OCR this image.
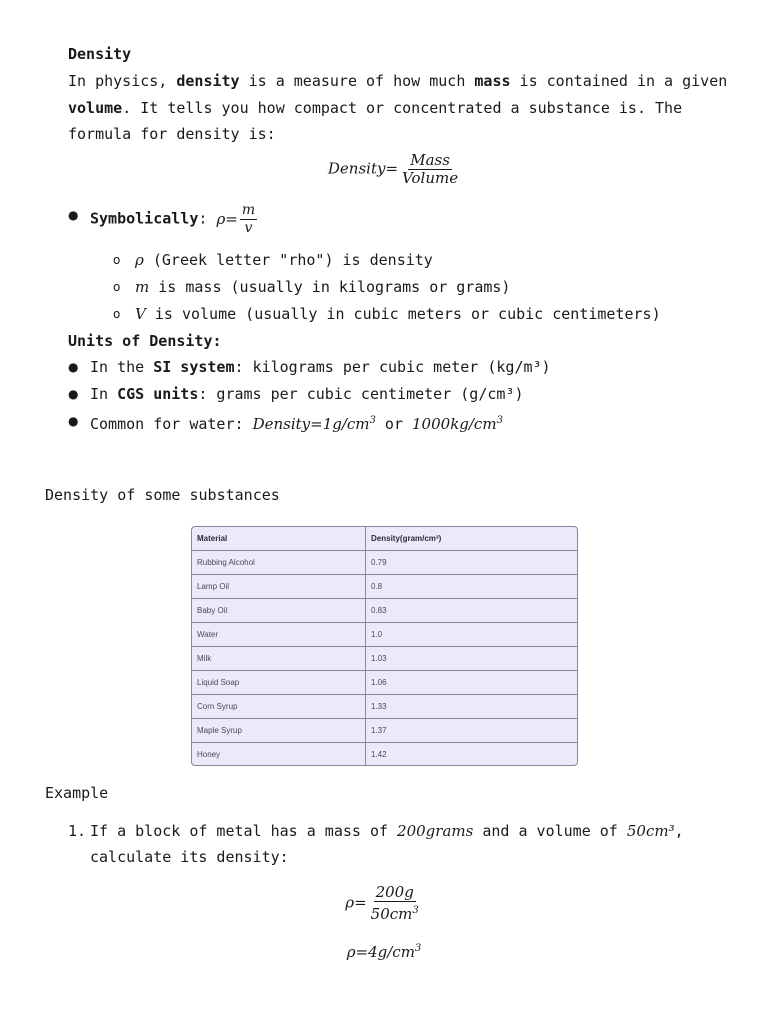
Density
In physics, density is a measure of how much mass is contained in a given volume. It tells you how compact or concentrated a substance is. The formula for density is:
Density= $\frac{\text{Mass}}{\text{Volume}}$
● Symbolically: $\rho= \frac{m}{v}$
o ρ (Greek letter "rho") is density
o m is mass (usually in kilograms or grams)
o V is volume (usually in cubic meters or cubic centimeters)
Units of Density:
● In the SI system: kilograms per cubic meter (kg/m³)
● In CGS units: grams per cubic centimeter (g/cm³)
● Common for water: $Density=1g/cm^3$ or $1000kg/cm^3$
Density of some substances
Material	Density(gram/cm³)
Rubbing Alcohol	0.79
Lamp Oil	0.8
Baby Oil	0.83
Water	1.0
Milk	1.03
Liquid Soap	1.06
Corn Syrup	1.33
Maple Syrup	1.37
Honey	1.42
Example
1. If a block of metal has a mass of 200grams and a volume of 50cm³, calculate its density:
$\rho= \frac{200g}{50cm^3}$
$\rho=4g/cm^3$
